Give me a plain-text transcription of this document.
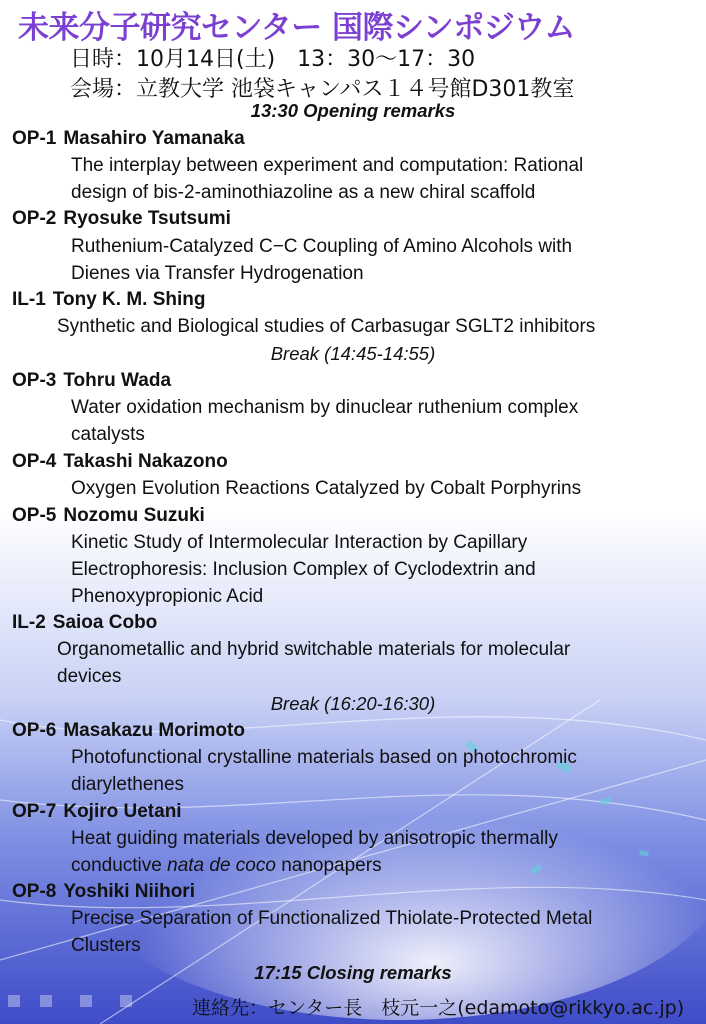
未来分子研究センター 国際シンポジウム
日時：10月14日(土)　13：30～17：30
会場：立教大学 池袋キャンパス１４号館D301教室
13:30 Opening remarks
OP-1 Masahiro Yamanaka
The interplay between experiment and computation: Rational
design of bis-2-aminothiazoline as a new chiral scaffold
OP-2 Ryosuke Tsutsumi
Ruthenium-Catalyzed C−C Coupling of Amino Alcohols with
Dienes via Transfer Hydrogenation
IL-1 Tony K. M. Shing
Synthetic and Biological studies of Carbasugar SGLT2 inhibitors
Break (14:45-14:55)
OP-3 Tohru Wada
Water oxidation mechanism by dinuclear ruthenium complex
catalysts
OP-4 Takashi Nakazono
Oxygen Evolution Reactions Catalyzed by Cobalt Porphyrins
OP-5 Nozomu Suzuki
Kinetic Study of Intermolecular Interaction by Capillary
Electrophoresis: Inclusion Complex of Cyclodextrin and
Phenoxypropionic Acid
IL-2 Saioa Cobo
Organometallic and hybrid switchable materials for molecular
devices
Break (16:20-16:30)
OP-6 Masakazu Morimoto
Photofunctional crystalline materials based on photochromic
diarylethenes
OP-7 Kojiro Uetani
Heat guiding materials developed by anisotropic thermally
conductive nata de coco nanopapers
OP-8 Yoshiki Niihori
Precise Separation of Functionalized Thiolate-Protected Metal
Clusters
17:15 Closing remarks
連絡先：センター長　枝元一之(edamoto@rikkyo.ac.jp)
